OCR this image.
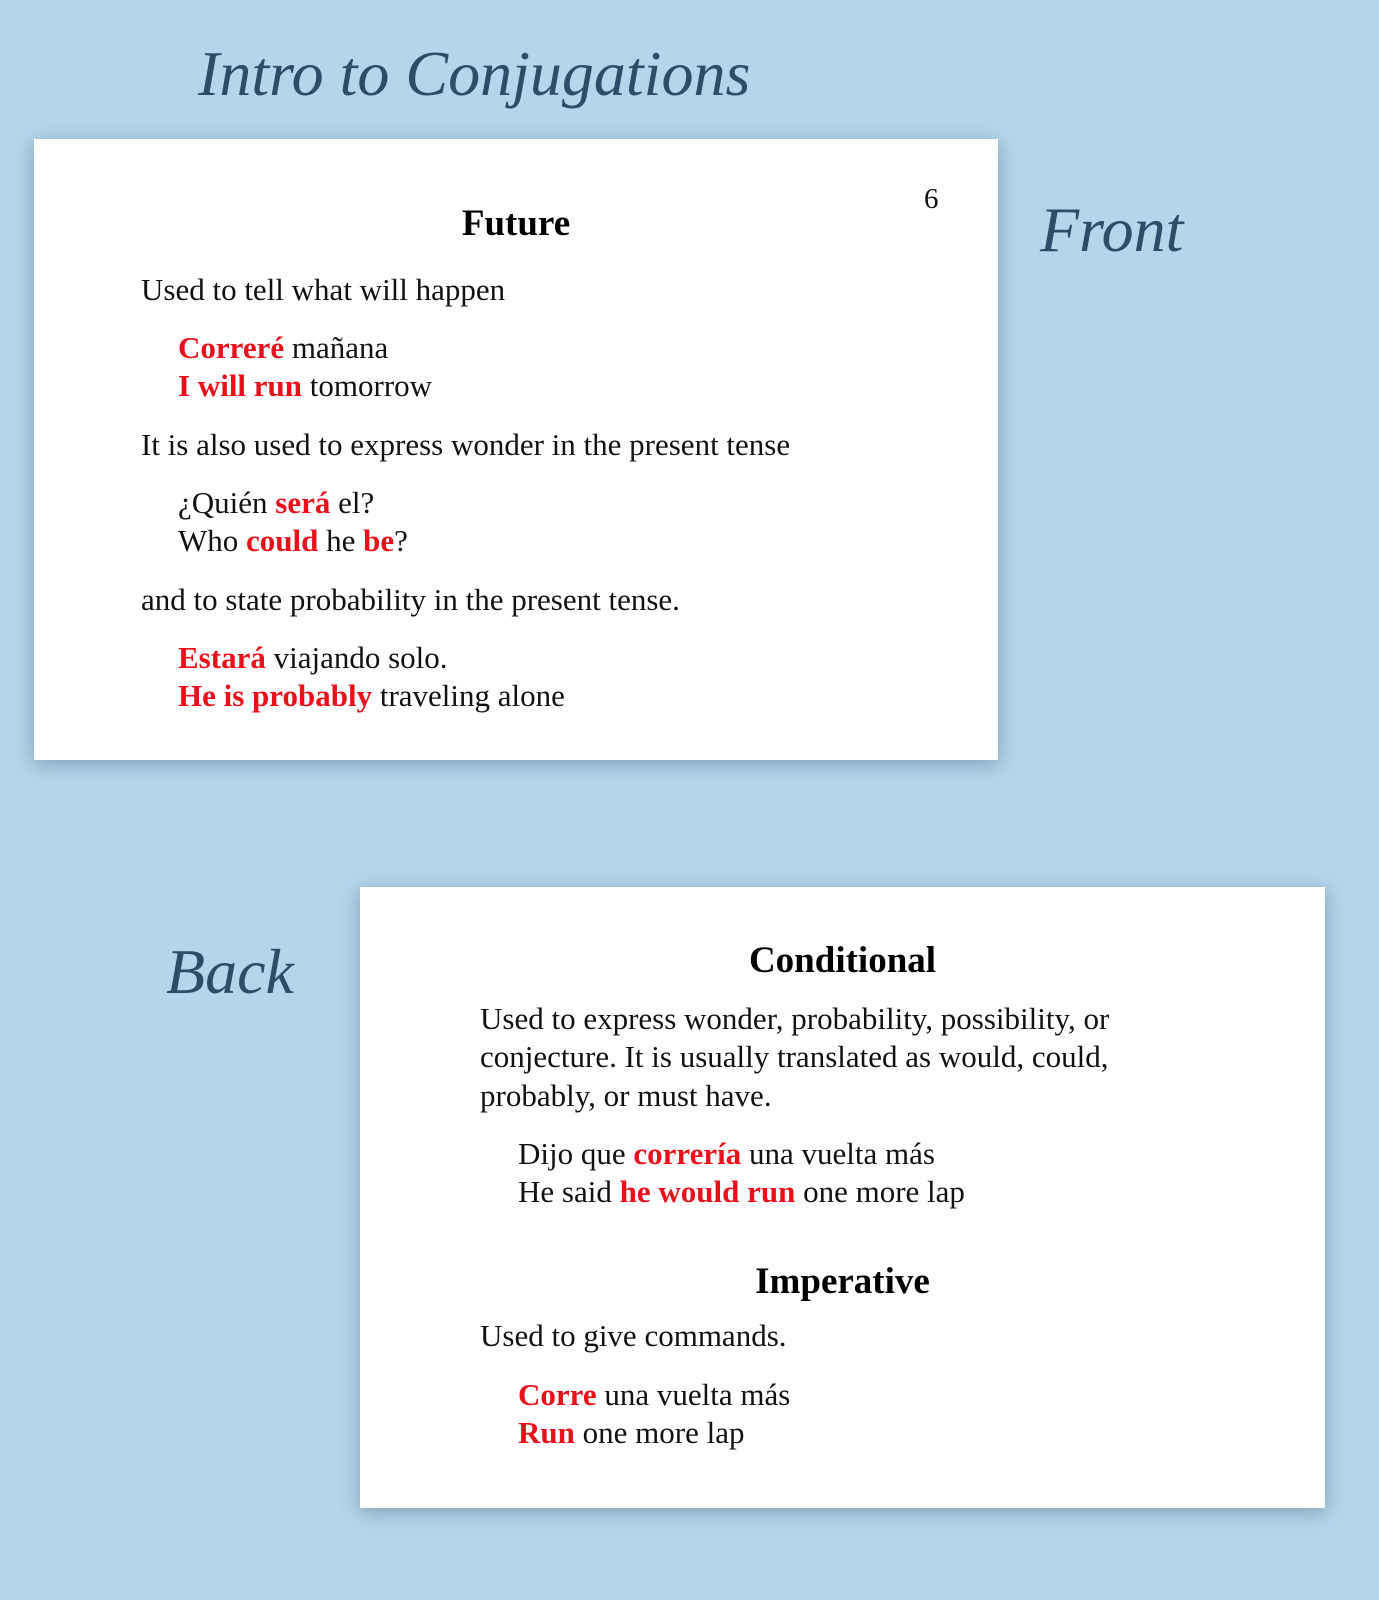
Intro to Conjugations
Front
Back
6
Future
Used to tell what will happen
Correré mañana
I will run tomorrow
It is also used to express wonder in the present tense
¿Quién será el?
Who could he be?
and to state probability in the present tense.
Estará viajando solo.
He is probably traveling alone
Conditional
Imperative
Used to express wonder, probability, possibility, or
conjecture. It is usually translated as would, could,
probably, or must have.
Dijo que correría una vuelta más
He said he would run one more lap
Used to give commands.
Corre una vuelta más
Run one more lap
